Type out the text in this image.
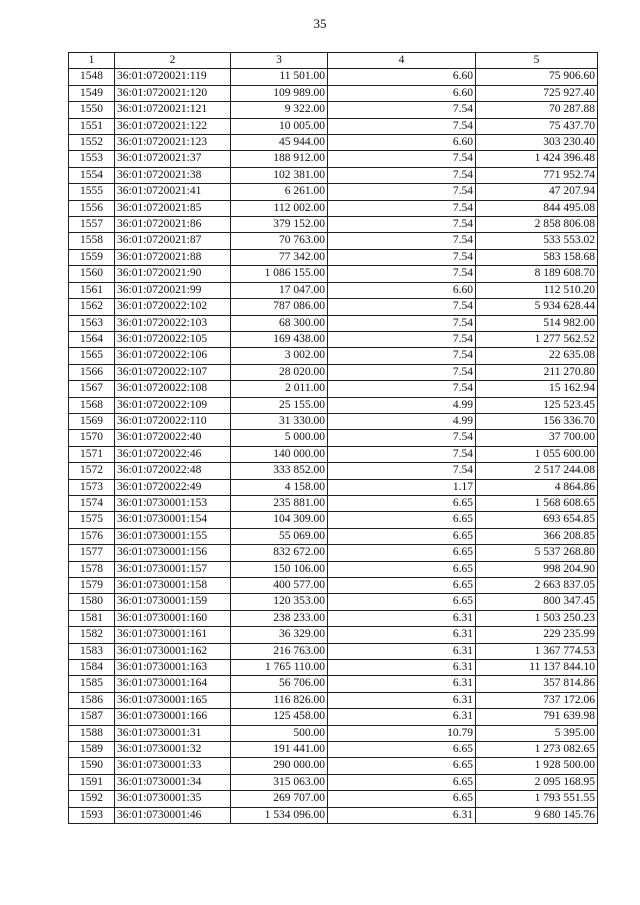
35
1	2	3	4	5
1548	36:01:0720021:119	11 501.00	6.60	75 906.60
1549	36:01:0720021:120	109 989.00	6.60	725 927.40
1550	36:01:0720021:121	9 322.00	7.54	70 287.88
1551	36:01:0720021:122	10 005.00	7.54	75 437.70
1552	36:01:0720021:123	45 944.00	6.60	303 230.40
1553	36:01:0720021:37	188 912.00	7.54	1 424 396.48
1554	36:01:0720021:38	102 381.00	7.54	771 952.74
1555	36:01:0720021:41	6 261.00	7.54	47 207.94
1556	36:01:0720021:85	112 002.00	7.54	844 495.08
1557	36:01:0720021:86	379 152.00	7.54	2 858 806.08
1558	36:01:0720021:87	70 763.00	7.54	533 553.02
1559	36:01:0720021:88	77 342.00	7.54	583 158.68
1560	36:01:0720021:90	1 086 155.00	7.54	8 189 608.70
1561	36:01:0720021:99	17 047.00	6.60	112 510.20
1562	36:01:0720022:102	787 086.00	7.54	5 934 628.44
1563	36:01:0720022:103	68 300.00	7.54	514 982.00
1564	36:01:0720022:105	169 438.00	7.54	1 277 562.52
1565	36:01:0720022:106	3 002.00	7.54	22 635.08
1566	36:01:0720022:107	28 020.00	7.54	211 270.80
1567	36:01:0720022:108	2 011.00	7.54	15 162.94
1568	36:01:0720022:109	25 155.00	4.99	125 523.45
1569	36:01:0720022:110	31 330.00	4.99	156 336.70
1570	36:01:0720022:40	5 000.00	7.54	37 700.00
1571	36:01:0720022:46	140 000.00	7.54	1 055 600.00
1572	36:01:0720022:48	333 852.00	7.54	2 517 244.08
1573	36:01:0720022:49	4 158.00	1.17	4 864.86
1574	36:01:0730001:153	235 881.00	6.65	1 568 608.65
1575	36:01:0730001:154	104 309.00	6.65	693 654.85
1576	36:01:0730001:155	55 069.00	6.65	366 208.85
1577	36:01:0730001:156	832 672.00	6.65	5 537 268.80
1578	36:01:0730001:157	150 106.00	6.65	998 204.90
1579	36:01:0730001:158	400 577.00	6.65	2 663 837.05
1580	36:01:0730001:159	120 353.00	6.65	800 347.45
1581	36:01:0730001:160	238 233.00	6.31	1 503 250.23
1582	36:01:0730001:161	36 329.00	6.31	229 235.99
1583	36:01:0730001:162	216 763.00	6.31	1 367 774.53
1584	36:01:0730001:163	1 765 110.00	6.31	11 137 844.10
1585	36:01:0730001:164	56 706.00	6.31	357 814.86
1586	36:01:0730001:165	116 826.00	6.31	737 172.06
1587	36:01:0730001:166	125 458.00	6.31	791 639.98
1588	36:01:0730001:31	500.00	10.79	5 395.00
1589	36:01:0730001:32	191 441.00	6.65	1 273 082.65
1590	36:01:0730001:33	290 000.00	6.65	1 928 500.00
1591	36:01:0730001:34	315 063.00	6.65	2 095 168.95
1592	36:01:0730001:35	269 707.00	6.65	1 793 551.55
1593	36:01:0730001:46	1 534 096.00	6.31	9 680 145.76
